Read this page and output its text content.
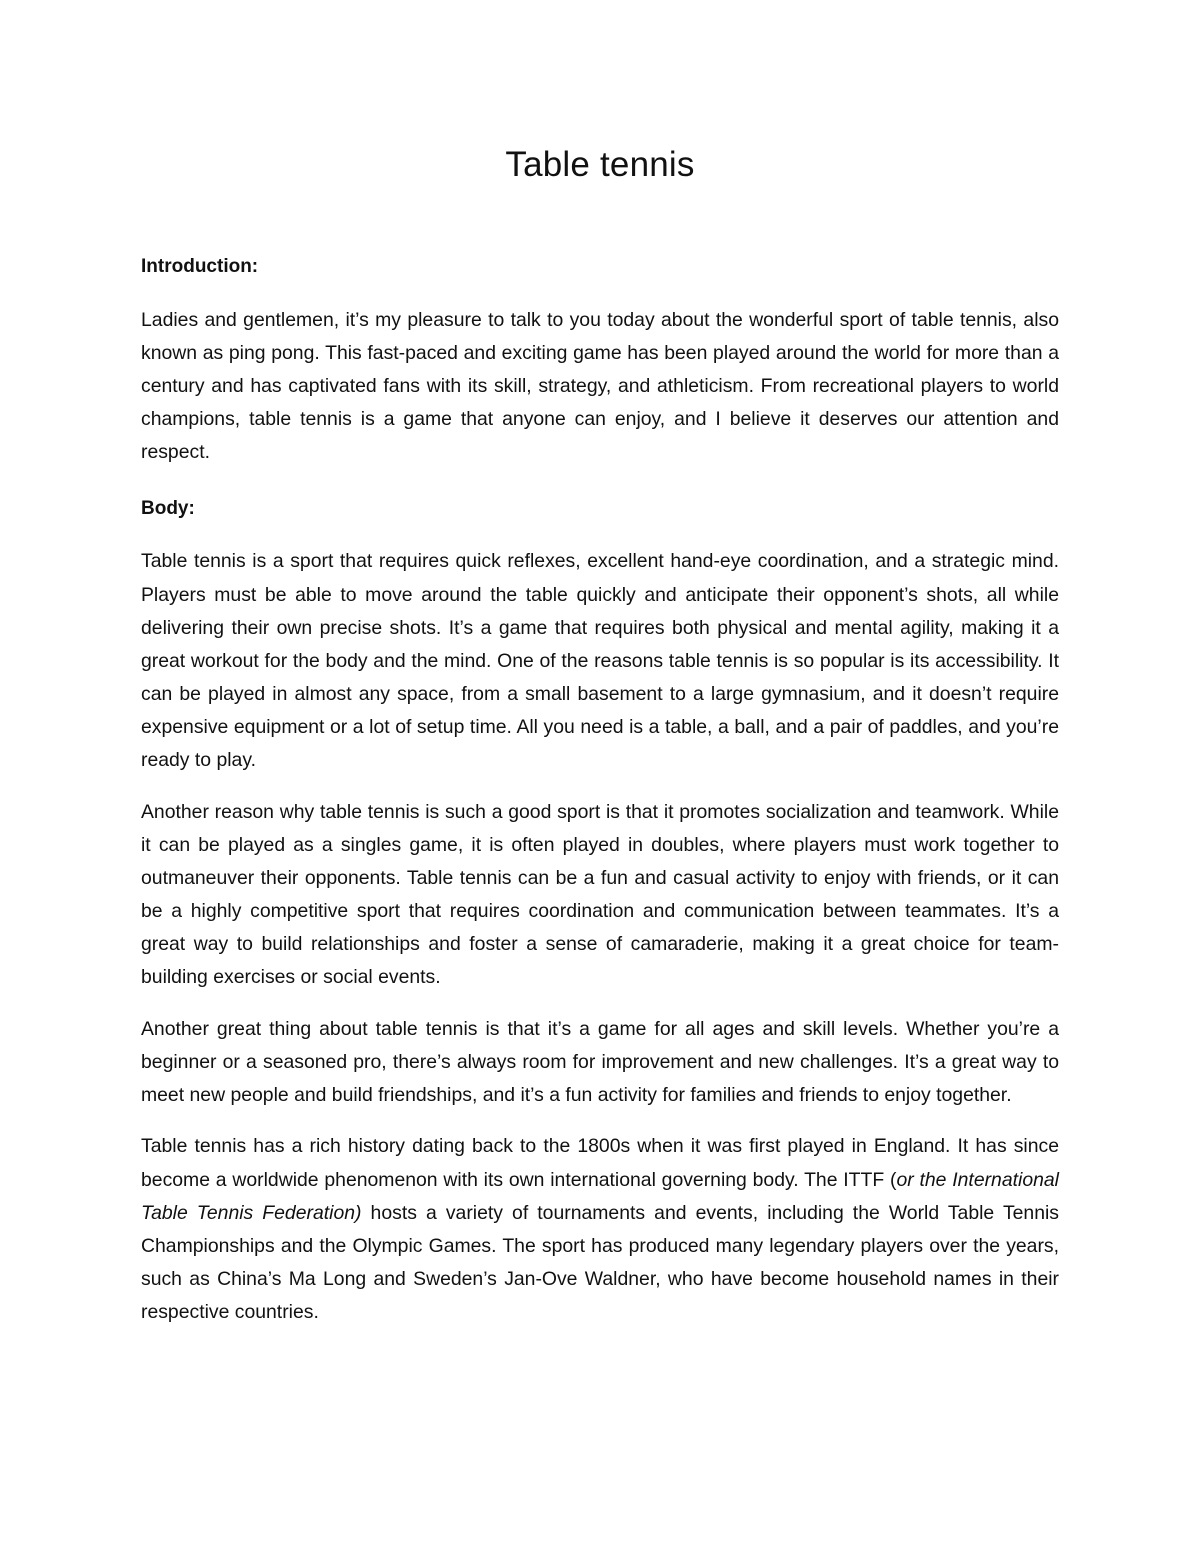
Table tennis

Introduction:

Ladies and gentlemen, it’s my pleasure to talk to you today about the wonderful sport of table tennis, also known as ping pong. This fast-paced and exciting game has been played around the world for more than a century and has captivated fans with its skill, strategy, and athleticism. From recreational players to world champions, table tennis is a game that anyone can enjoy, and I believe it deserves our attention and respect.

Body:

Table tennis is a sport that requires quick reflexes, excellent hand-eye coordination, and a strategic mind. Players must be able to move around the table quickly and anticipate their opponent’s shots, all while delivering their own precise shots. It’s a game that requires both physical and mental agility, making it a great workout for the body and the mind. One of the reasons table tennis is so popular is its accessibility. It can be played in almost any space, from a small basement to a large gymnasium, and it doesn’t require expensive equipment or a lot of setup time. All you need is a table, a ball, and a pair of paddles, and you’re ready to play.

Another reason why table tennis is such a good sport is that it promotes socialization and teamwork. While it can be played as a singles game, it is often played in doubles, where players must work together to outmaneuver their opponents. Table tennis can be a fun and casual activity to enjoy with friends, or it can be a highly competitive sport that requires coordination and communication between teammates. It’s a great way to build relationships and foster a sense of camaraderie, making it a great choice for team-building exercises or social events.

Another great thing about table tennis is that it’s a game for all ages and skill levels. Whether you’re a beginner or a seasoned pro, there’s always room for improvement and new challenges. It’s a great way to meet new people and build friendships, and it’s a fun activity for families and friends to enjoy together.

Table tennis has a rich history dating back to the 1800s when it was first played in England. It has since become a worldwide phenomenon with its own international governing body. The ITTF (or the International Table Tennis Federation) hosts a variety of tournaments and events, including the World Table Tennis Championships and the Olympic Games. The sport has produced many legendary players over the years, such as China’s Ma Long and Sweden’s Jan-Ove Waldner, who have become household names in their respective countries.
